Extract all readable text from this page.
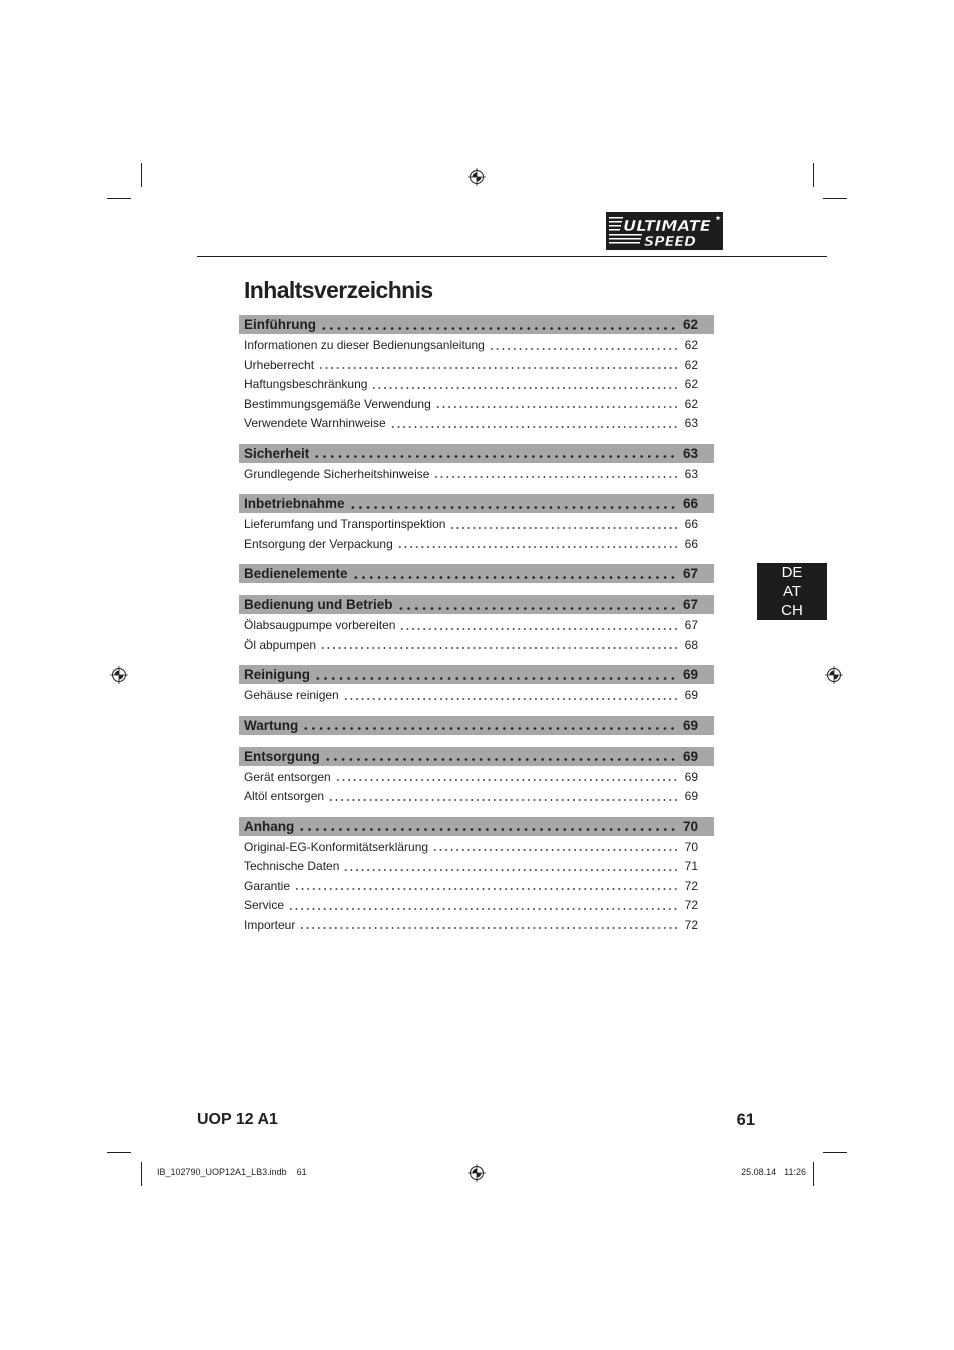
ULTIMATE
SPEED
Inhaltsverzeichnis
Einführung	62
Informationen zu dieser Bedienungsanleitung	62
Urheberrecht	62
Haftungsbeschränkung	62
Bestimmungsgemäße Verwendung	62
Verwendete Warnhinweise	63
Sicherheit	63
Grundlegende Sicherheitshinweise	63
Inbetriebnahme	66
Lieferumfang und Transportinspektion	66
Entsorgung der Verpackung	66
Bedienelemente	67
Bedienung und Betrieb	67
Ölabsaugpumpe vorbereiten	67
Öl abpumpen	68
Reinigung	69
Gehäuse reinigen	69
Wartung	69
Entsorgung	69
Gerät entsorgen	69
Altöl entsorgen	69
Anhang	70
Original-EG-Konformitätserklärung	70
Technische Daten	71
Garantie	72
Service	72
Importeur	72
DE
AT
CH
UOP 12 A1	61
IB_102790_UOP12A1_LB3.indb 61	25.08.14 11:26
